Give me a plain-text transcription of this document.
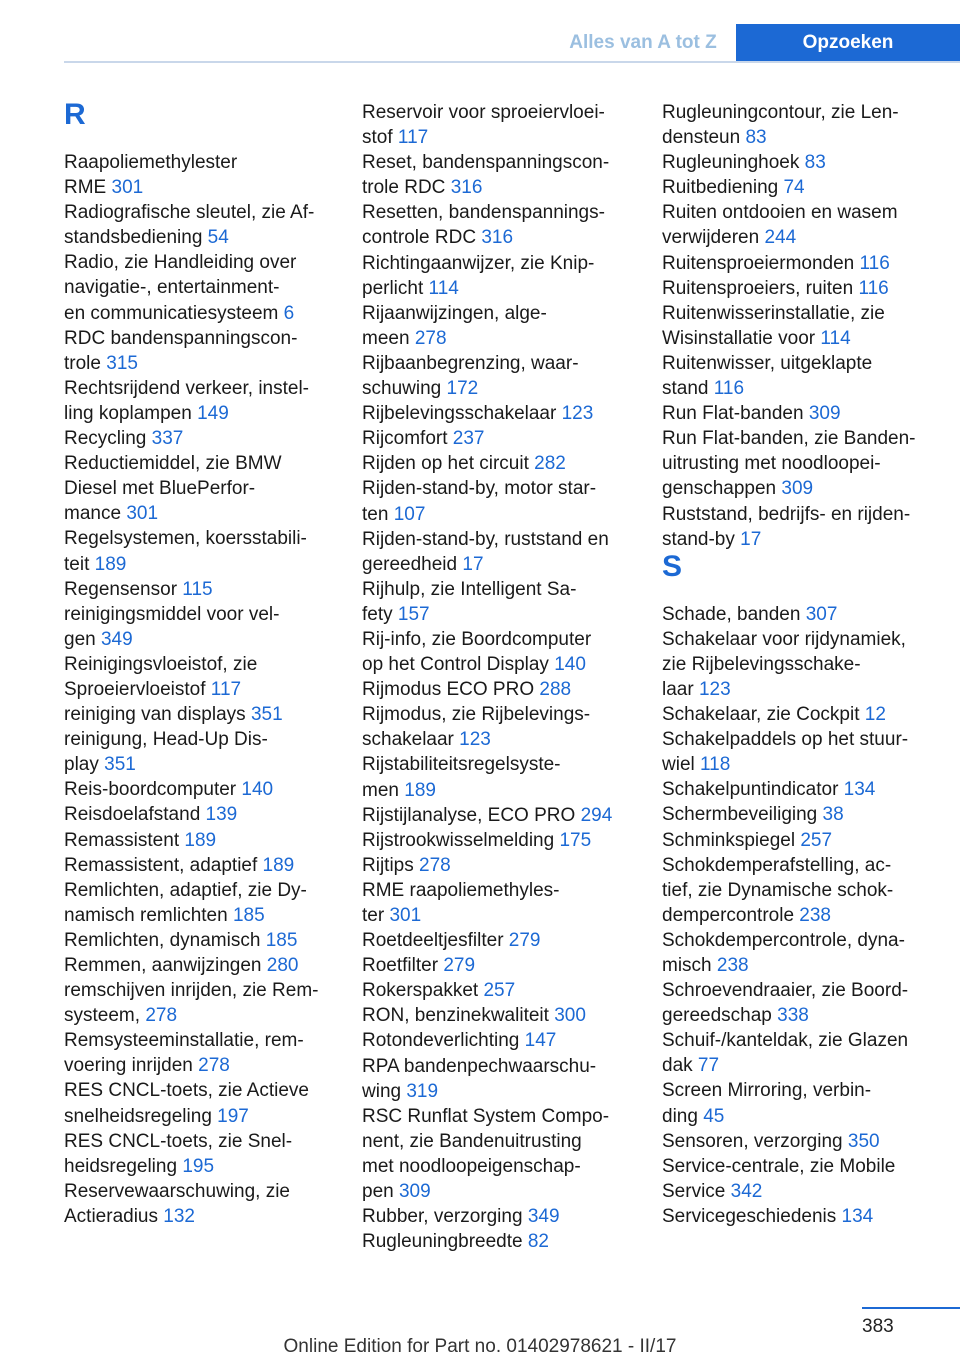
Alles van A tot Z	Opzoeken
R
Raapoliemethylester
RME 301
Radiografische sleutel, zie Af-
standsbediening 54
Radio, zie Handleiding over
navigatie-, entertainment-
en communicatiesysteem 6
RDC bandenspanningscon-
trole 315
Rechtsrijdend verkeer, instel-
ling koplampen 149
Recycling 337
Reductiemiddel, zie BMW
Diesel met BluePerfor-
mance 301
Regelsystemen, koersstabili-
teit 189
Regensensor 115
reinigingsmiddel voor vel-
gen 349
Reinigingsvloeistof, zie
Sproeiervloeistof 117
reiniging van displays 351
reinigung, Head-Up Dis-
play 351
Reis-boordcomputer 140
Reisdoelafstand 139
Remassistent 189
Remassistent, adaptief 189
Remlichten, adaptief, zie Dy-
namisch remlichten 185
Remlichten, dynamisch 185
Remmen, aanwijzingen 280
remschijven inrijden, zie Rem-
systeem, 278
Remsysteeminstallatie, rem-
voering inrijden 278
RES CNCL-toets, zie Actieve
snelheidsregeling 197
RES CNCL-toets, zie Snel-
heidsregeling 195
Reservewaarschuwing, zie
Actieradius 132
Reservoir voor sproeiervloei-
stof 117
Reset, bandenspanningscon-
trole RDC 316
Resetten, bandenspannings-
controle RDC 316
Richtingaanwijzer, zie Knip-
perlicht 114
Rijaanwijzingen, alge-
meen 278
Rijbaanbegrenzing, waar-
schuwing 172
Rijbelevingsschakelaar 123
Rijcomfort 237
Rijden op het circuit 282
Rijden-stand-by, motor star-
ten 107
Rijden-stand-by, ruststand en
gereedheid 17
Rijhulp, zie Intelligent Sa-
fety 157
Rij-info, zie Boordcomputer
op het Control Display 140
Rijmodus ECO PRO 288
Rijmodus, zie Rijbelevings-
schakelaar 123
Rijstabiliteitsregelsyste-
men 189
Rijstijlanalyse, ECO PRO 294
Rijstrookwisselmelding 175
Rijtips 278
RME raapoliemethyles-
ter 301
Roetdeeltjesfilter 279
Roetfilter 279
Rokerspakket 257
RON, benzinekwaliteit 300
Rotondeverlichting 147
RPA bandenpechwaarschu-
wing 319
RSC Runflat System Compo-
nent, zie Bandenuitrusting
met noodloopeigenschap-
pen 309
Rubber, verzorging 349
Rugleuningbreedte 82
Rugleuningcontour, zie Len-
densteun 83
Rugleuninghoek 83
Ruitbediening 74
Ruiten ontdooien en wasem
verwijderen 244
Ruitensproeiermonden 116
Ruitensproeiers, ruiten 116
Ruitenwisserinstallatie, zie
Wisinstallatie voor 114
Ruitenwisser, uitgeklapte
stand 116
Run Flat-banden 309
Run Flat-banden, zie Banden-
uitrusting met noodloopei-
genschappen 309
Ruststand, bedrijfs- en rijden-
stand-by 17
S
Schade, banden 307
Schakelaar voor rijdynamiek,
zie Rijbelevingsschake-
laar 123
Schakelaar, zie Cockpit 12
Schakelpaddels op het stuur-
wiel 118
Schakelpuntindicator 134
Schermbeveiliging 38
Schminkspiegel 257
Schokdemperafstelling, ac-
tief, zie Dynamische schok-
dempercontrole 238
Schokdempercontrole, dyna-
misch 238
Schroevendraaier, zie Boord-
gereedschap 338
Schuif-/kanteldak, zie Glazen
dak 77
Screen Mirroring, verbin-
ding 45
Sensoren, verzorging 350
Service-centrale, zie Mobile
Service 342
Servicegeschiedenis 134
383
Online Edition for Part no. 01402978621 - II/17
